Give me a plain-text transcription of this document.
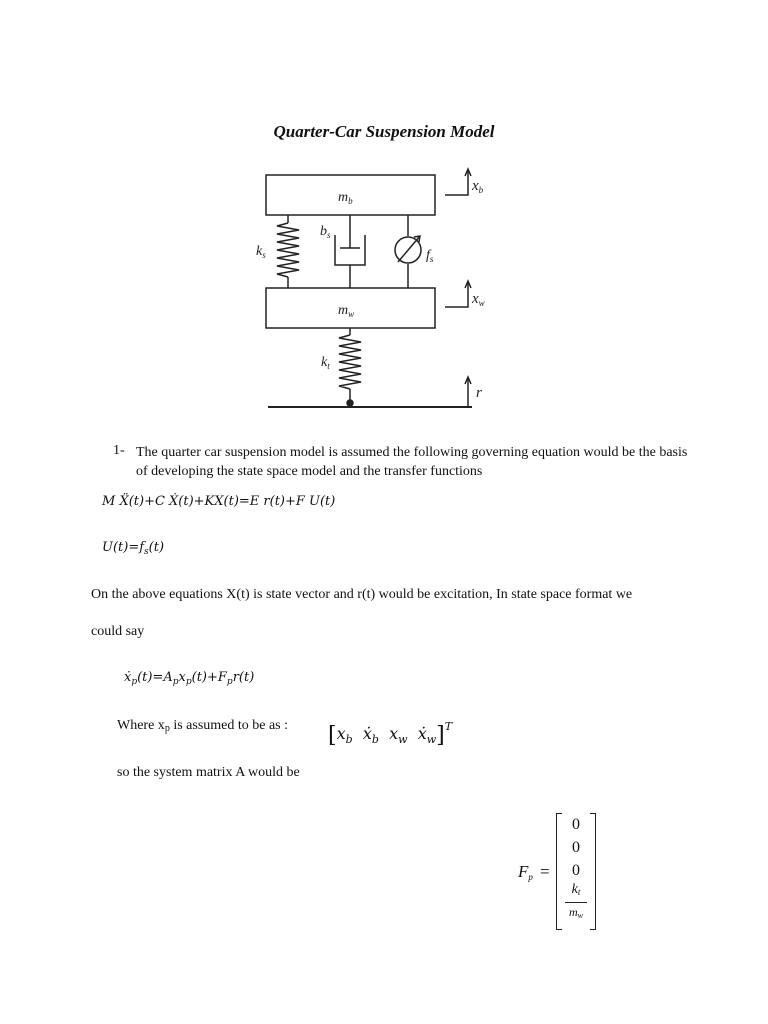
Quarter-Car Suspension Model
$m_b$
$m_w$
$k_s$
$b_s$
$f_s$
$k_t$
$x_b$
$x_w$
r
1- The quarter car suspension model is assumed the following governing equation would be the basis of developing the state space model and the transfer functions
M Ẍ(t)+C Ẋ(t)+KX(t)=E r(t)+F U(t)
$U(t)=f_s(t)$
On the above equations X(t) is state vector and r(t) would be excitation, In state space format we
could say
$ẋ_p(t)=A_px_p(t)+F_pr(t)$
Where $x_p$ is assumed to be as : [$x_b$ ẋ$_b$ $x_w$ ẋ$_w$]$^T$
so the system matrix A would be
$F_p$ =
0
0
0
kt
mw
